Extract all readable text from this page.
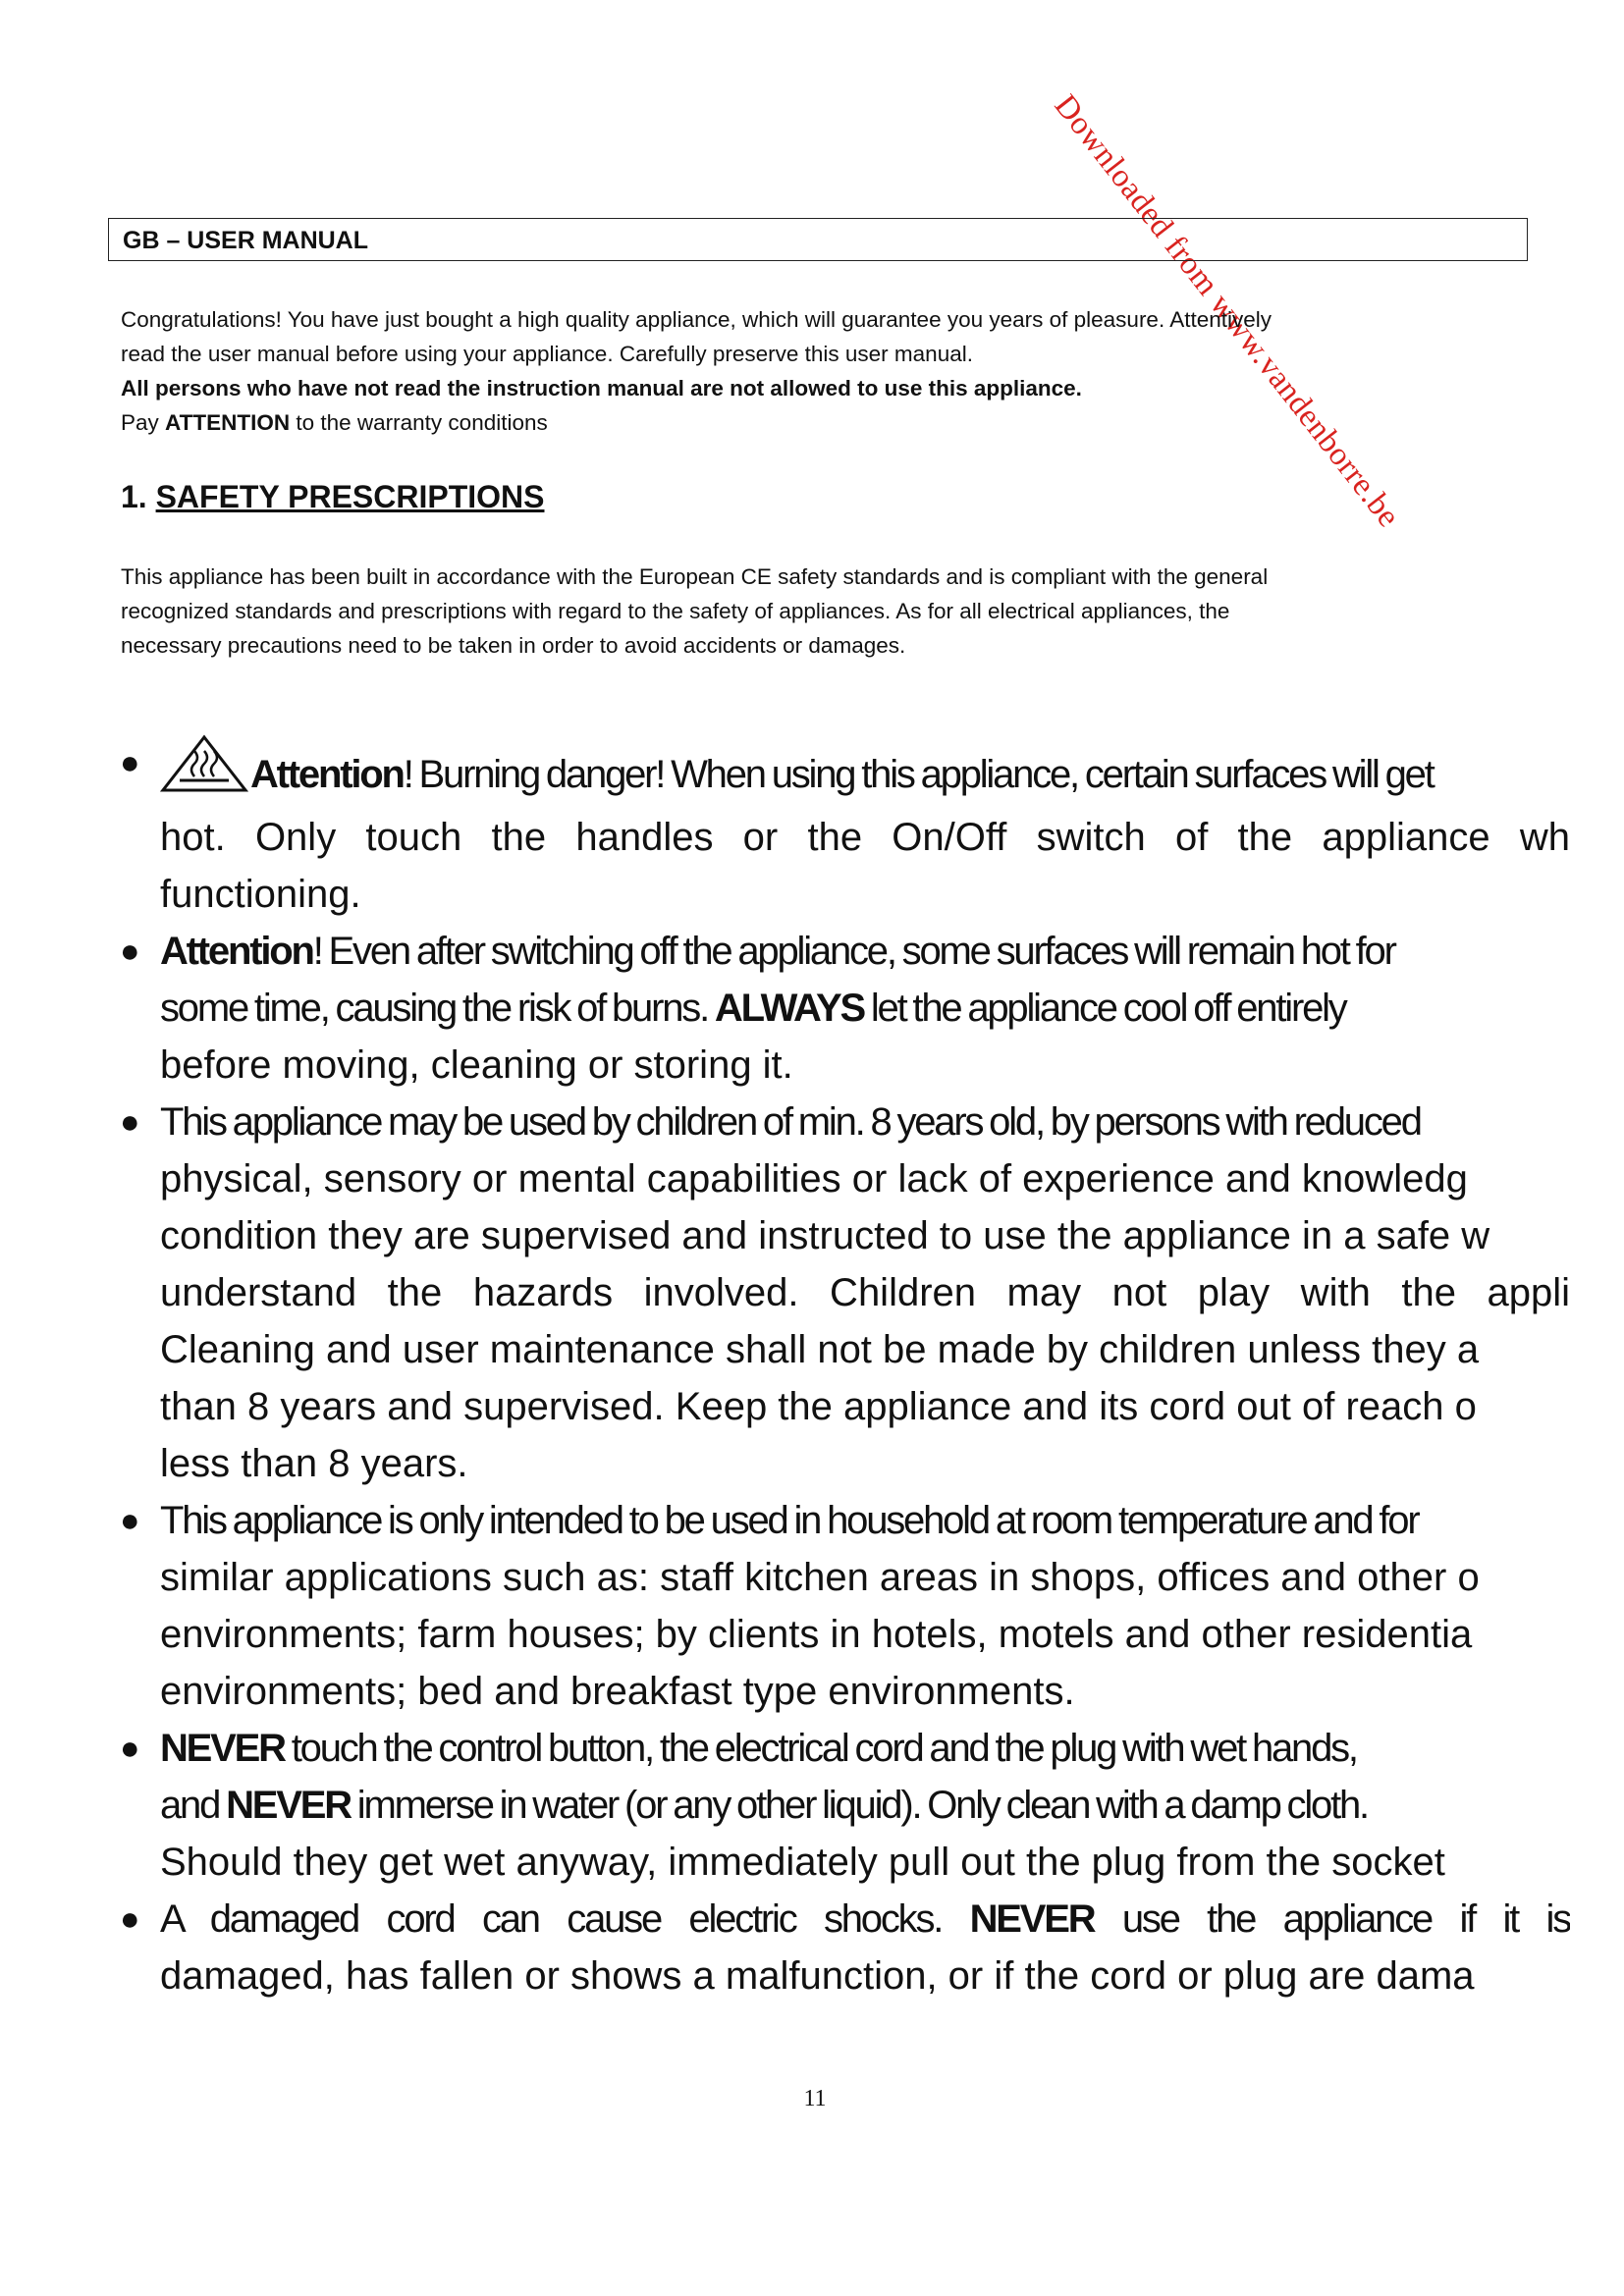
Downloaded from www.vandenborre.be
GB – USER MANUAL
Congratulations! You have just bought a high quality appliance, which will guarantee you years of pleasure. Attentively
read the user manual before using your appliance. Carefully preserve this user manual.
All persons who have not read the instruction manual are not allowed to use this appliance.
Pay ATTENTION to the warranty conditions
1. SAFETY PRESCRIPTIONS
This appliance has been built in accordance with the European CE safety standards and is compliant with the general
recognized standards and prescriptions with regard to the safety of appliances. As for all electrical appliances, the
necessary precautions need to be taken in order to avoid accidents or damages.
●	Attention! Burning danger! When using this appliance, certain surfaces will get
hot. Only touch the handles or the On/Off switch of the appliance wh
functioning.
● Attention! Even after switching off the appliance, some surfaces will remain hot for
some time, causing the risk of burns. ALWAYS let the appliance cool off entirely
before moving, cleaning or storing it.
● This appliance may be used by children of min. 8 years old, by persons with reduced
physical, sensory or mental capabilities or lack of experience and knowledg
condition they are supervised and instructed to use the appliance in a safe w
understand the hazards involved. Children may not play with the appli
Cleaning and user maintenance shall not be made by children unless they a
than 8 years and supervised. Keep the appliance and its cord out of reach o
less than 8 years.
● This appliance is only intended to be used in household at room temperature and for
similar applications such as: staff kitchen areas in shops, offices and other o
environments; farm houses; by clients in hotels, motels and other residentia
environments; bed and breakfast type environments.
● NEVER touch the control button, the electrical cord and the plug with wet hands,
and NEVER immerse in water (or any other liquid). Only clean with a damp cloth.
Should they get wet anyway, immediately pull out the plug from the socket
● A damaged cord can cause electric shocks. NEVER use the appliance if it is
damaged, has fallen or shows a malfunction, or if the cord or plug are dama
11
